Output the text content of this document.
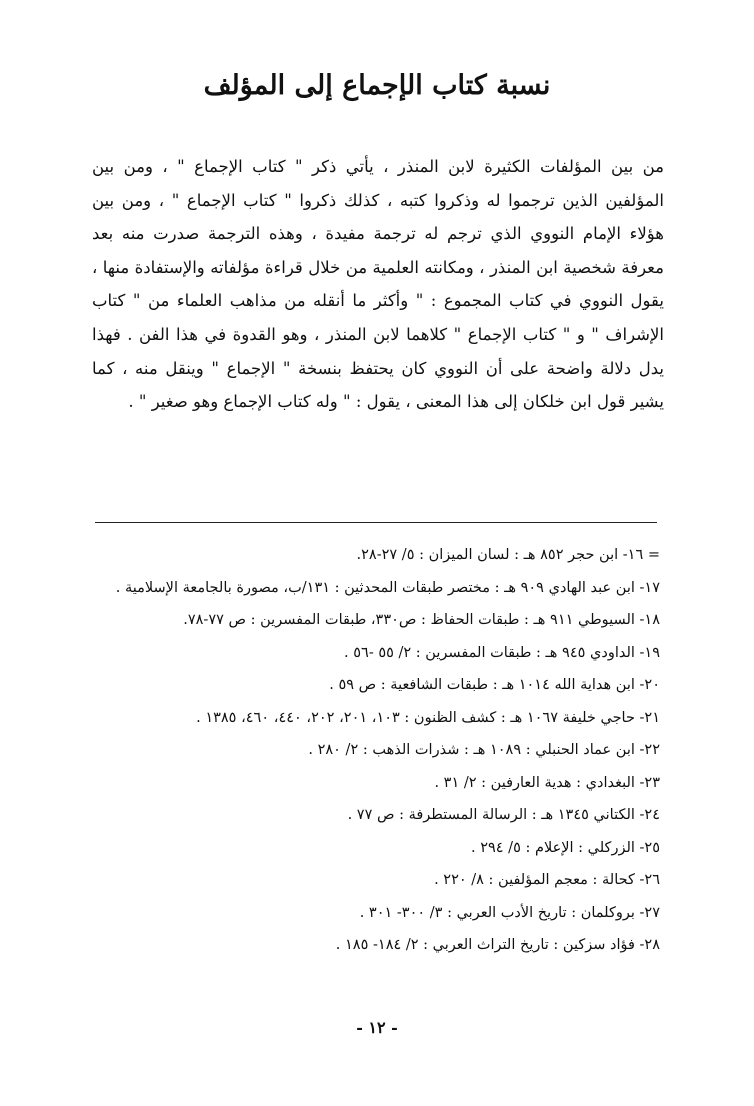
نسبة كتاب الإجماع إلى المؤلف

من بين المؤلفات الكثيرة لابن المنذر ، يأتي ذكر " كتاب الإجماع " ، ومن بين المؤلفين الذين ترجموا له وذكروا كتبه ، كذلك ذكروا " كتاب الإجماع " ، ومن بين هؤلاء الإمام النووي الذي ترجم له ترجمة مفيدة ، وهذه الترجمة صدرت منه بعد معرفة شخصية ابن المنذر ، ومكانته العلمية من خلال قراءة مؤلفاته والإستفادة منها ، يقول النووي في كتاب المجموع : " وأكثر ما أنقله من مذاهب العلماء من " كتاب الإشراف " و " كتاب الإجماع " كلاهما لابن المنذر ، وهو القدوة في هذا الفن . فهذا يدل دلالة واضحة على أن النووي كان يحتفظ بنسخة " الإجماع " وينقل منه ، كما يشير قول ابن خلكان إلى هذا المعنى ، يقول : " وله كتاب الإجماع وهو صغير " .

= ١٦- ابن حجر ٨٥٢ هـ : لسان الميزان : ٥/ ٢٧-٢٨.
١٧- ابن عبد الهادي ٩٠٩ هـ : مختصر طبقات المحدثين : ١٣١/ب، مصورة بالجامعة الإسلامية .
١٨- السيوطي ٩١١ هـ : طبقات الحفاظ : ص٣٣٠، طبقات المفسرين : ص ٧٧-٧٨.
١٩- الداودي ٩٤٥ هـ : طبقات المفسرين : ٢/ ٥٥ -٥٦ .
٢٠- ابن هداية الله ١٠١٤ هـ : طبقات الشافعية : ص ٥٩ .
٢١- حاجي خليفة ١٠٦٧ هـ : كشف الظنون : ١٠٣، ٢٠١، ٢٠٢، ٤٤٠، ٤٦٠، ١٣٨٥ .
٢٢- ابن عماد الحنبلي : ١٠٨٩ هـ : شذرات الذهب : ٢/ ٢٨٠ .
٢٣- البغدادي : هدية العارفين : ٢/ ٣١ .
٢٤- الكتاني ١٣٤٥ هـ : الرسالة المستطرفة : ص ٧٧ .
٢٥- الزركلي : الإعلام : ٥/ ٢٩٤ .
٢٦- كحالة : معجم المؤلفين : ٨/ ٢٢٠ .
٢٧- بروكلمان : تاريخ الأدب العربي : ٣/ ٣٠٠- ٣٠١ .
٢٨- فؤاد سزكين : تاريخ التراث العربي : ٢/ ١٨٤- ١٨٥ .
- ١٢ -
